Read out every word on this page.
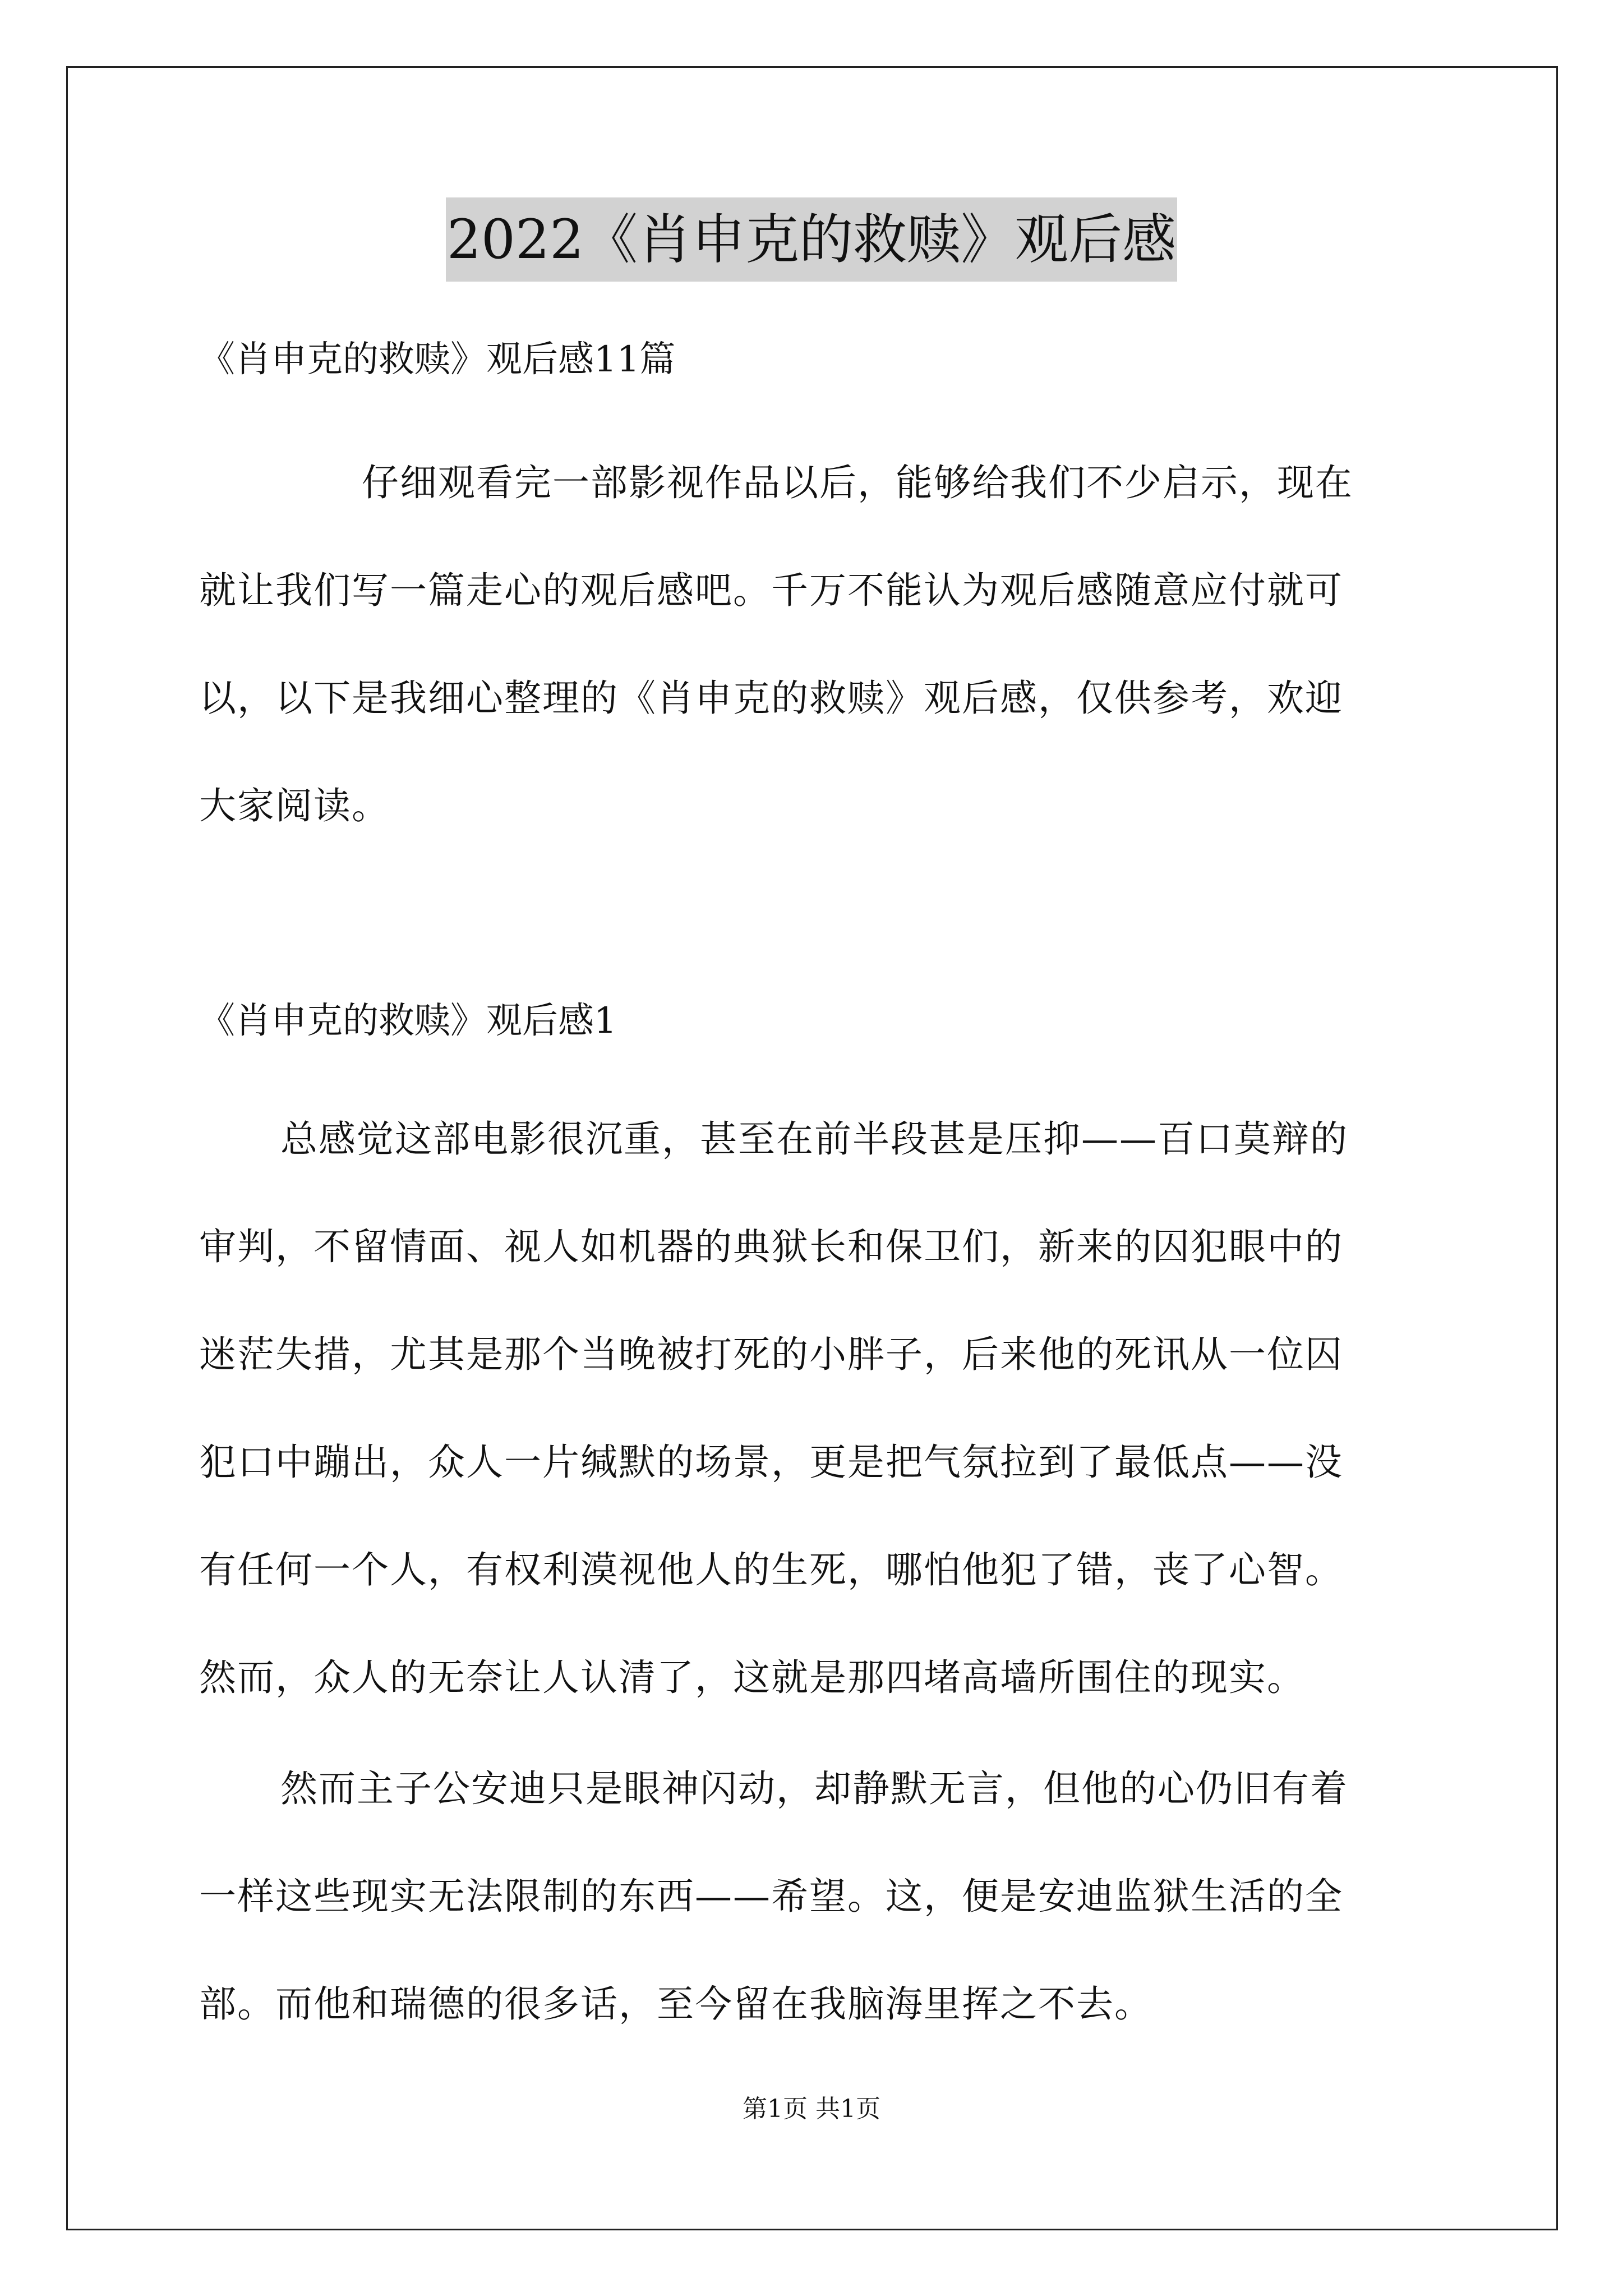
2022《肖申克的救赎》观后感
《肖申克的救赎》观后感11篇
仔细观看完一部影视作品以后，能够给我们不少启示，现在
就让我们写一篇走心的观后感吧。千万不能认为观后感随意应付就可
以，以下是我细心整理的《肖申克的救赎》观后感，仅供参考，欢迎
大家阅读。
《肖申克的救赎》观后感1
总感觉这部电影很沉重，甚至在前半段甚是压抑——百口莫辩的
审判，不留情面、视人如机器的典狱长和保卫们，新来的囚犯眼中的
迷茫失措，尤其是那个当晚被打死的小胖子，后来他的死讯从一位囚
犯口中蹦出，众人一片缄默的场景，更是把气氛拉到了最低点——没
有任何一个人，有权利漠视他人的生死，哪怕他犯了错，丧了心智。
然而，众人的无奈让人认清了，这就是那四堵高墙所围住的现实。
然而主子公安迪只是眼神闪动，却静默无言，但他的心仍旧有着
一样这些现实无法限制的东西——希望。这，便是安迪监狱生活的全
部。而他和瑞德的很多话，至今留在我脑海里挥之不去。
第1页 共1页
